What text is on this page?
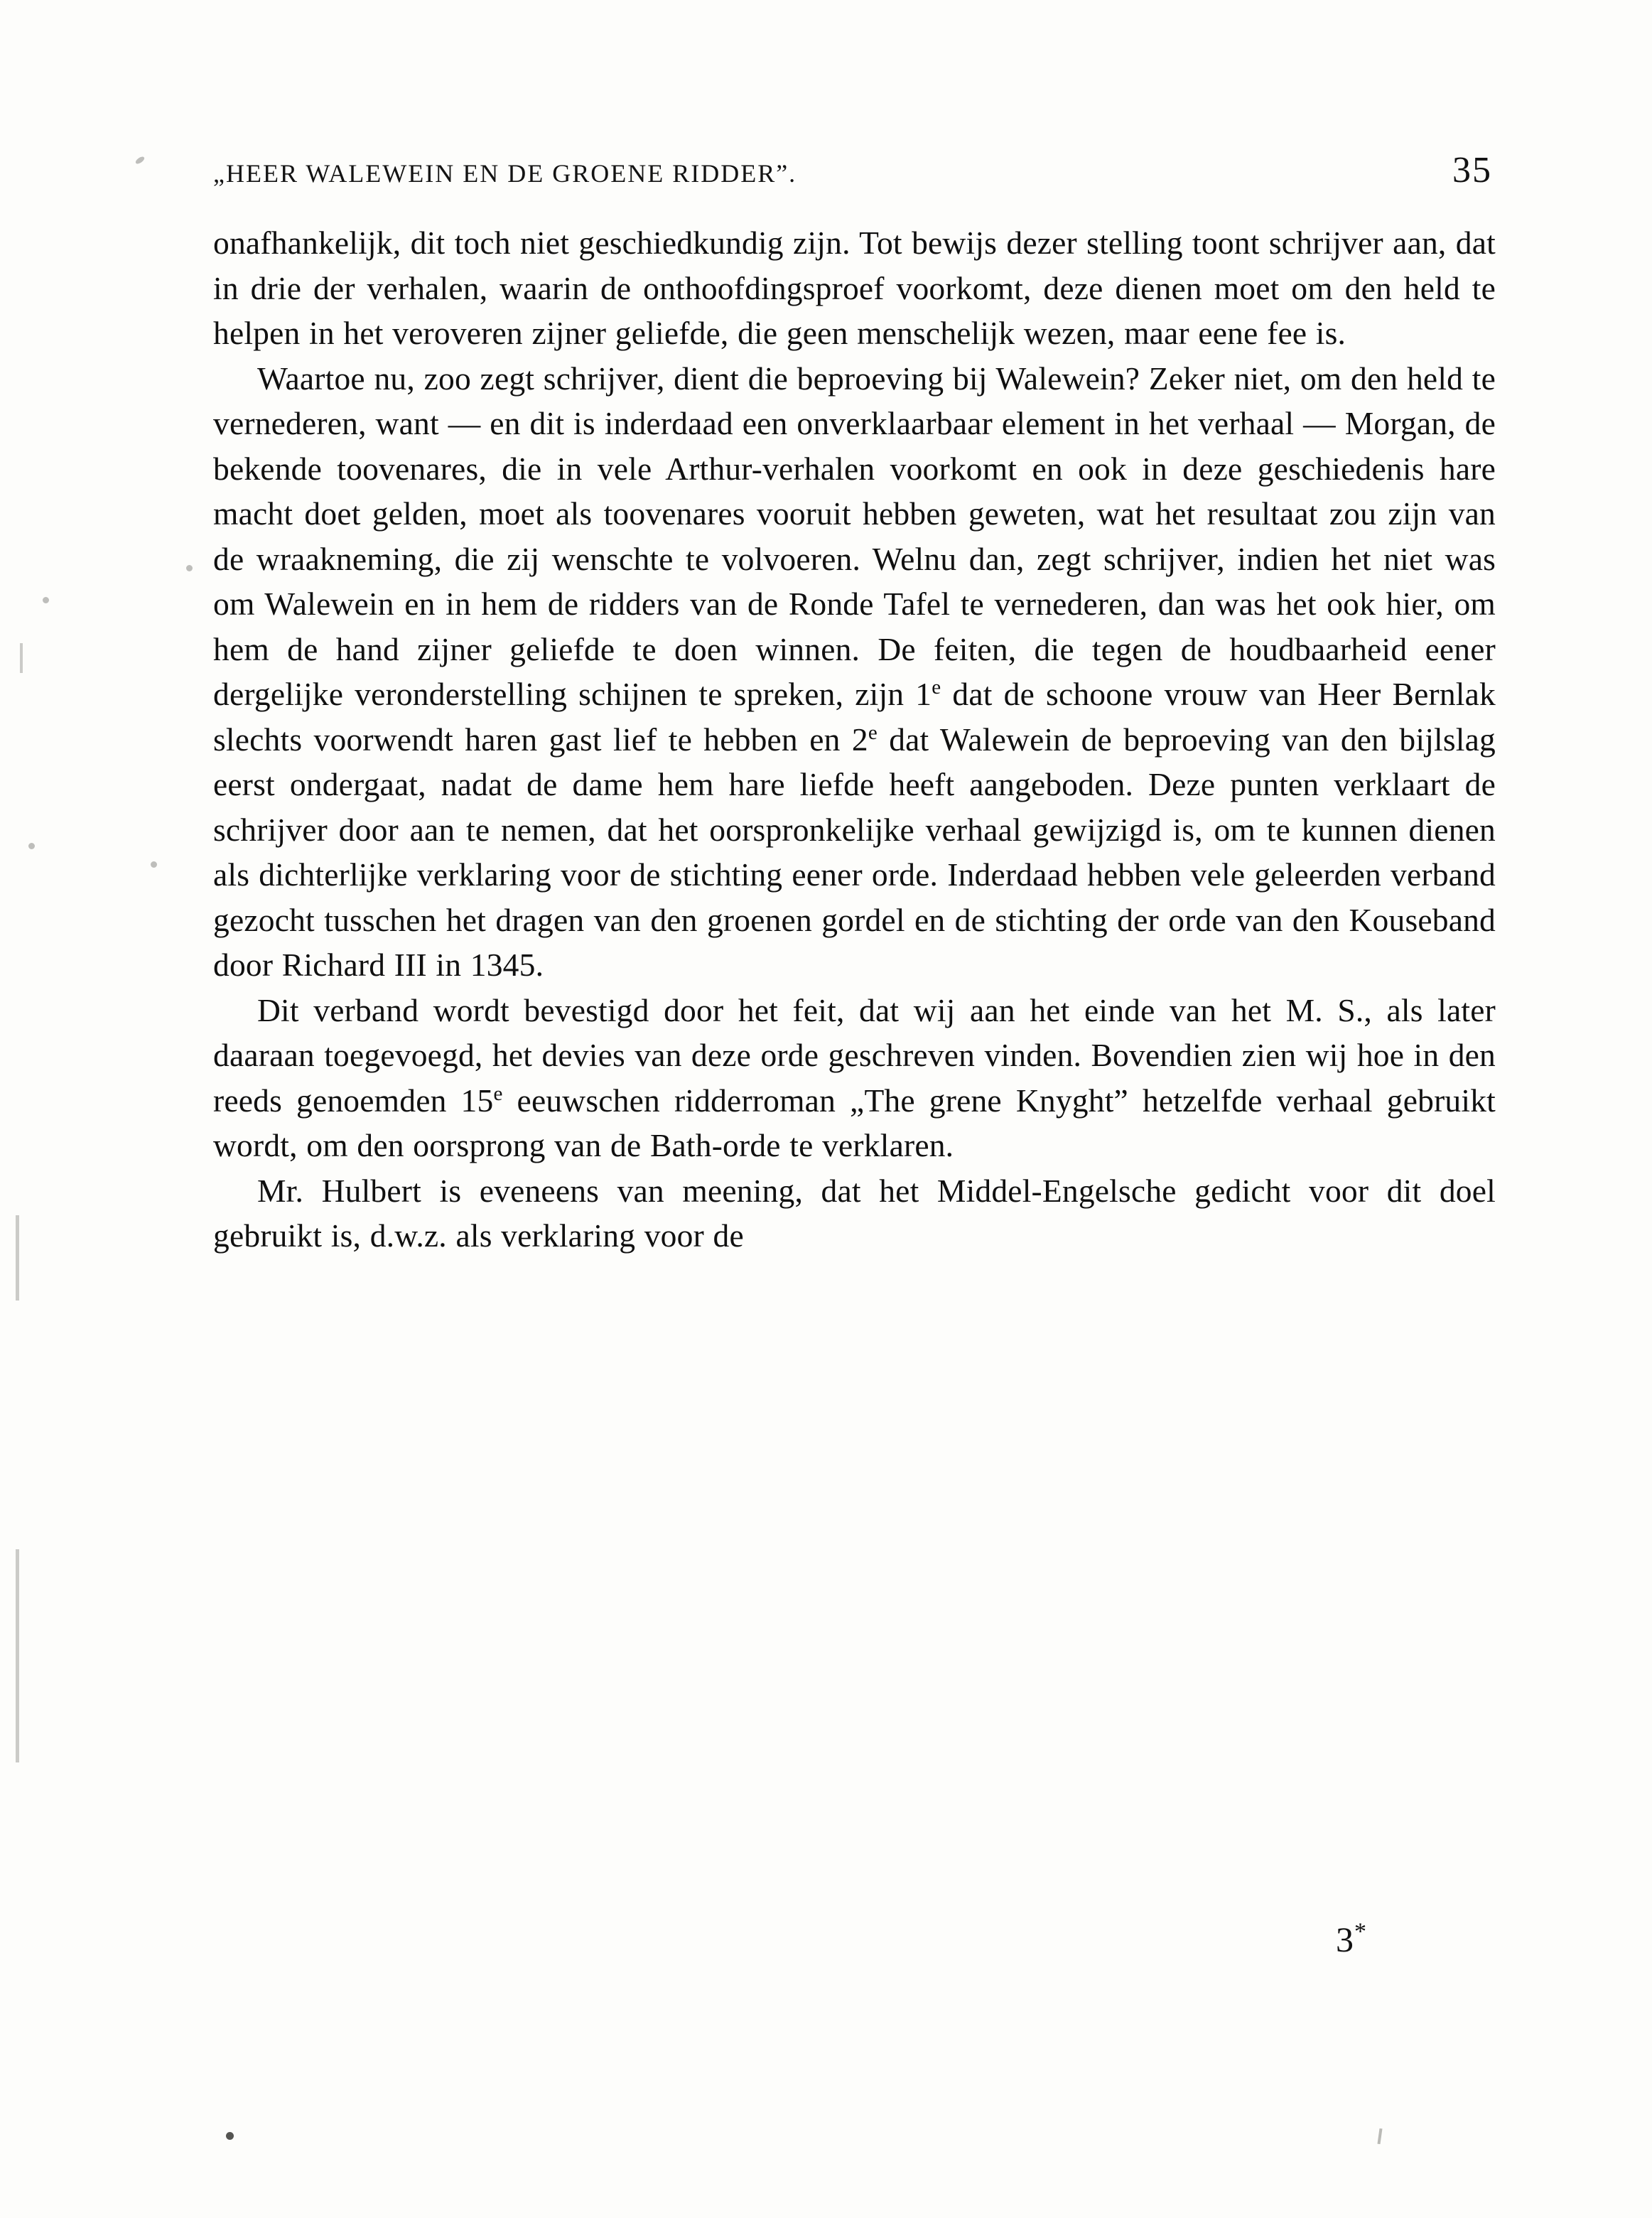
„HEER WALEWEIN EN DE GROENE RIDDER”.	35

onafhankelijk, dit toch niet geschiedkundig zijn. Tot bewijs dezer stelling toont schrijver aan, dat in drie der verhalen, waarin de onthoofdingsproef voorkomt, deze dienen moet om den held te helpen in het veroveren zijner geliefde, die geen menschelijk wezen, maar eene fee is.

Waartoe nu, zoo zegt schrijver, dient die beproeving bij Walewein? Zeker niet, om den held te vernederen, want — en dit is inderdaad een onverklaarbaar element in het verhaal — Morgan, de bekende toovenares, die in vele Arthur-verhalen voorkomt en ook in deze geschiedenis hare macht doet gelden, moet als toovenares vooruit hebben geweten, wat het resultaat zou zijn van de wraakneming, die zij wenschte te volvoeren. Welnu dan, zegt schrijver, indien het niet was om Walewein en in hem de ridders van de Ronde Tafel te vernederen, dan was het ook hier, om hem de hand zijner geliefde te doen winnen. De feiten, die tegen de houdbaarheid eener dergelijke veronderstelling schijnen te spreken, zijn 1e dat de schoone vrouw van Heer Bernlak slechts voorwendt haren gast lief te hebben en 2e dat Walewein de beproeving van den bijlslag eerst ondergaat, nadat de dame hem hare liefde heeft aangeboden. Deze punten verklaart de schrijver door aan te nemen, dat het oorspronkelijke verhaal gewijzigd is, om te kunnen dienen als dichterlijke verklaring voor de stichting eener orde. Inderdaad hebben vele geleerden verband gezocht tusschen het dragen van den groenen gordel en de stichting der orde van den Kouseband door Richard III in 1345.

Dit verband wordt bevestigd door het feit, dat wij aan het einde van het M. S., als later daaraan toegevoegd, het devies van deze orde geschreven vinden. Bovendien zien wij hoe in den reeds genoemden 15e eeuwschen ridderroman „The grene Knyght” hetzelfde verhaal gebruikt wordt, om den oorsprong van de Bath-orde te verklaren.

Mr. Hulbert is eveneens van meening, dat het Middel-Engelsche gedicht voor dit doel gebruikt is, d.w.z. als verklaring voor de

3*
